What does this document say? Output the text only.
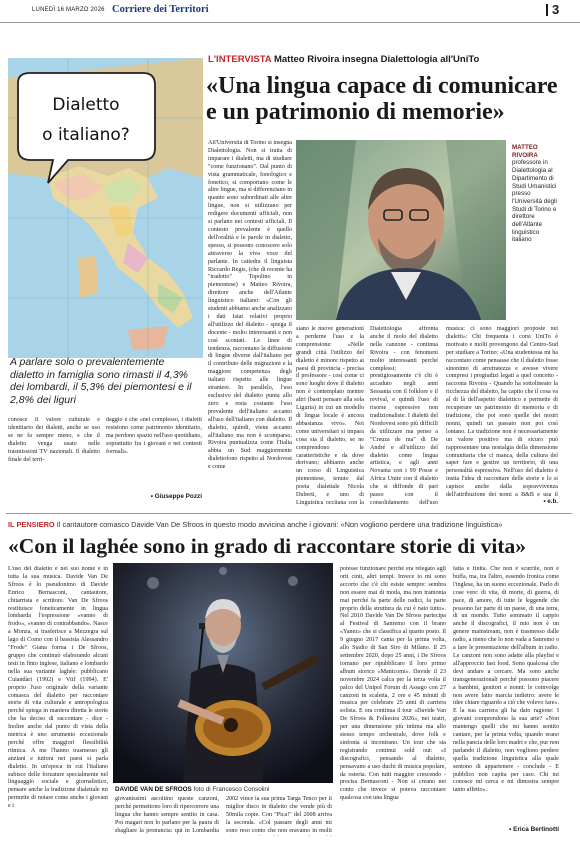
LUNEDÌ 16 MARZO 2026 Corriere dei Territori	3
L'INTERVISTA Matteo Rivoira insegna Dialettologia all'UniTo
«Una lingua capace di comunicare e un patrimonio di memorie»
Dialetto
o italiano?
A parlare solo o prevalentemente dialetto in famiglia sono rimasti il 4,3% dei lombardi, il 5,3% dei piemontesi e il 2,8% dei liguri
conosce il valore culturale e identitario dei dialetti, anche se uso se ne fa sempre meno, e che il dialetto venga usato nelle trasmissioni TV nazionali. Il dialetto finale del terri-
daggio è che «nel complesso, i dialetti resistono come patrimonio identitario, ma perdono spazio nell'uso quotidiano, soprattutto fra i giovani e nei contesti formali».
• Giuseppe Pozzi
All'Università di Torino si insegna Dialettologia. Non si tratta di imparare i dialetti, ma di studiare "come funzionano". Dal punto di vista grammaticale, fonologico e fonetico, si comportano come le altre lingue, ma si differenziano in quanto sono subordinati alle altre lingue, non si utilizzano per redigere documenti ufficiali, non si parlano nei contesti ufficiali. Il contesto prevalente è quello dell'oralità e le parole in dialetto, spesso, si possono conoscere solo attraverso la viva voce del parlante. In cattedra il linguista Riccardo Regis, (che di recente ha "tradotto" Topolino in piemontese) e Matteo Rivoira, direttore anche dell'Atlante linguistico italiano: «Con gli studenti abbiamo anche analizzato i dati Istat relativi proprio all'utilizzo del dialetto - spiega il docente - molto interessanti e non così scontati. Le linee di tendenza, raccontano la diffusione di lingue diverse dall'italiano per il contributo delle migrazioni e la maggiore competenza degli italiani rispetto alle lingue straniere. In parallelo, l'uso esclusivo del dialetto punta allo zero e resta costante l'uso prevalente dell'italiano accanto all'uso dell'italiano con dialetto. Il dialetto, quindi, viene accanto all'italiano ma non è scomparso. Rivoira puntualizza come l'Italia abbia un Sud maggiormente dialettofono rispetto al Nordovest e come
siano le nuove generazioni a perderne l'uso e la comprensione: «Nelle grandi città l'utilizzo del dialetto è minore rispetto ai paesi di provincia - precisa il professore - così come ci sono luoghi dove il dialetto non è contemplato mentre altri (basti pensare alla sola Liguria) in cui un modello di lingua locale è ancora abbastanza vivo». Noi come universitari si impara cosa sia il dialetto, se ne comprendono le caratteristiche e da dove derivano; abbiamo anche un corso di Linguistica piemontese, tenuto dal poeta dialettale Nicola Duberti, e uno di Linguistica occitana con la
Dialettologia affronta anche il ruolo del dialetto nella canzone - continua Rivoira - con fenomeni molto interessanti perché complessi; prestigiosamente c'è chi è accaduto negli anni Sessanta con il folklore e il revival, e quindi l'uso di risorse espressive non tradizionaliste. I dialetti del Nordovest sono più difficili da utilizzare ma penso a "Creuza de ma" di De André e all'utilizzo del dialetto come lingua artistica, e agli anni Novanta con i 99 Posse e Africa Unite con il dialetto che si diffonde di pari passo con il consolidamento dell'uso
MATTEO RIVOIRA
professore in Dialettologia al Dipartimento di Studi Umanistici presso l'Università degli Studi di Torino e direttore dell'Atlante linguistico italiano
musica: ci sono maggiori proposte nei dialetti»: Chi frequenta i corsi UniTo è motivato e molti provengono dal Centro-Sud per studiare a Torino: «Una studentessa mi ha raccontato come pensasse che il dialetto fosse sinonimo di arretratezza e avesse vivere compresi i pregiudizi legati a quel concetto - racconta Rivoira - Quando ha sottolineato la ricchezza del dialetto, ha capito che il cosa va al di là dell'aspetto dialettico e permette di recuperare un patrimonio di memoria e di tradizione, che poi sono quelle dei nostri nonni, quindi un passato non poi così lontano. La tradizione non è necessariamente un valore positivo ma di sicuro può rappresentare una nostalgia della dimensione comunitaria che ci manca, della cultura del saper fare e gestire un territorio, di una personalità espressiva. Nell'uso del dialetto è insita l'idea di raccontare delle storie e lo si capisce anche dalla sopravvivenza dell'attribuzione dei nomi a B&B e usa il
• e.b.
IL PENSIERO Il cantautore comasco Davide Van De Sfroos in questo modo avvicina anche i giovani: «Non vogliono perdere una tradizione linguistica»
«Con il laghée sono in grado di raccontare storie di vita»
L'uso del dialetto è nel suo nome e in tutta la sua musica. Davide Van De Sfroos è lo pseudonimo di Davide Enrico Bernasconi, cantautore, chitarrista e scrittore. Van De Sfroos restituisce foneticamente in lingua lombarda l'espressione «vanno di frodo», «vanno di contrabbando». Nasce a Monza, si trasferisce a Mezzegra sul lago di Como con il bassista Alessandro "Frode" Giana forma i De Sfroos, gruppo che continuò elaborando alcuni testi in finto inglese, italiano e lombardo nella sua variante laghée: pubblicano Cuiandàri (1992) e Viif (1994). E' proprio l'uso originale della variante comasca del dialetto per raccontare storie di vita culturale e antropologica perché spiega in maniera diretta le storie che ha deciso di raccontare - dice - Inoltre anche dal punto di vista della metrica è uno strumento eccezionale perché offre maggiori flessibilità ritmica. A me l'hanno trasmesso gli anziani e tuttora nei paesi si parla dialetto. In un'epoca in cui l'italiano subisce delle forzature specialmente nel linguaggio sociale e giornalistico, pensare anche la tradizione dialettale mi permette di notare come anche i giovani e i
DAVIDE VAN DE SFROOS foto di Francesco Consolini
giovanissimi ascoltino queste canzoni, perché permettono loro di ripercorrere una lingua che hanno sempre sentito in casa. Poi magari non lo parlano per la paura di sbagliare la pronuncia: qui in Lombardia
2002 vince la sua prima Targa Tenco per il miglior disco in dialetto che vende più di 50mila copie. Con "Pica!" del 2008 arriva la seconda. «Col passare degli anni mi sono reso conto che non eravamo in molti
potesse funzionare perché era relegato agli orti cinti, altri tempi. Invece io mi sono accorto che c'è chi esiste sempre: sembra non essere mai di moda, ma non tramonta mai perché fa parte delle radici, fa parte proprio della struttura da cui è nato tutto». Nel 2010 Davide Van De Sfroos partecipa al Festival di Sanremo con il brano «Yanez» che si classifica al quarto posto. Il 9 giugno 2017 canta per la prima volta, allo Stadio di San Siro di Milano. Il 25 settembre 2020, dopo 25 anni, i De Sfroos tornano per ripubblicare il loro primo album storico «Manicomi». Davide il 23 novembre 2024 calca per la terza volta il palco del Unipol Forum di Assago con 27 canzoni in scaletta, 2 ore e 45 minuti di musica per celebrare 25 anni di carriera solista. E ora continua il tour «Davide Van De Sfroos & Folkestra 2026», nei teatri, per una dimensione più intima ma allo stesso tempo orchestrale, dove folk e sinfonia si incontrano. Un tour che sta registrando continui sold out: «I discografici, pensando al dialetto, pensavano a uso duchi di musica popolare, da osteria. Con tutti maggior crescendo - precisa Bernasconi - Non si creano nei conto che invece si poteva raccontare qualcosa con una lingua
fatta e finita. Che non è scurrile, non è buffa, ma, tra l'altro, essendo fronica come l'inglese, ha un suono eccezionale. Parlo di cose vere: di vita, di morte, di guerra, di pace, di amore, di tutte le leggende che possono far parte di un paese, di una terra, di un mondo. Tutto sommato il cappio anche il discografici, il mio non è un genere mainstream, non è trasmesso dalle radio, a meno che lo non vada a Sanremo o a fare le presentazione dell'album in radio. Le canzoni non sono adatte alla playlist e all'approccio fast food. Sono qualcosa che devi andare a cercare. Ma sono anche transgenerazionali perché possono piacere a bambini, genitori e nonni: le coinvolge non avere fatto marcia indietro: avere le idee chiare riguardo a ciò che volevo fare». E la sua carriera gli ha dato ragione: I giovani comprendono la sua arte? «Non mantengo quelli che mi hanno sentito cantare, per la prima volta, quando erano nella pancia delle loro madri e che, pur non parlando il dialetto, non vogliono perdere quella tradizione linguistica alla quale sentono di appartenere - conclude - E pubblico non capita per caso. Chi mi conosce mi cerca e mi dimostra sempre tanto affetto».
• Erica Bertinotti
